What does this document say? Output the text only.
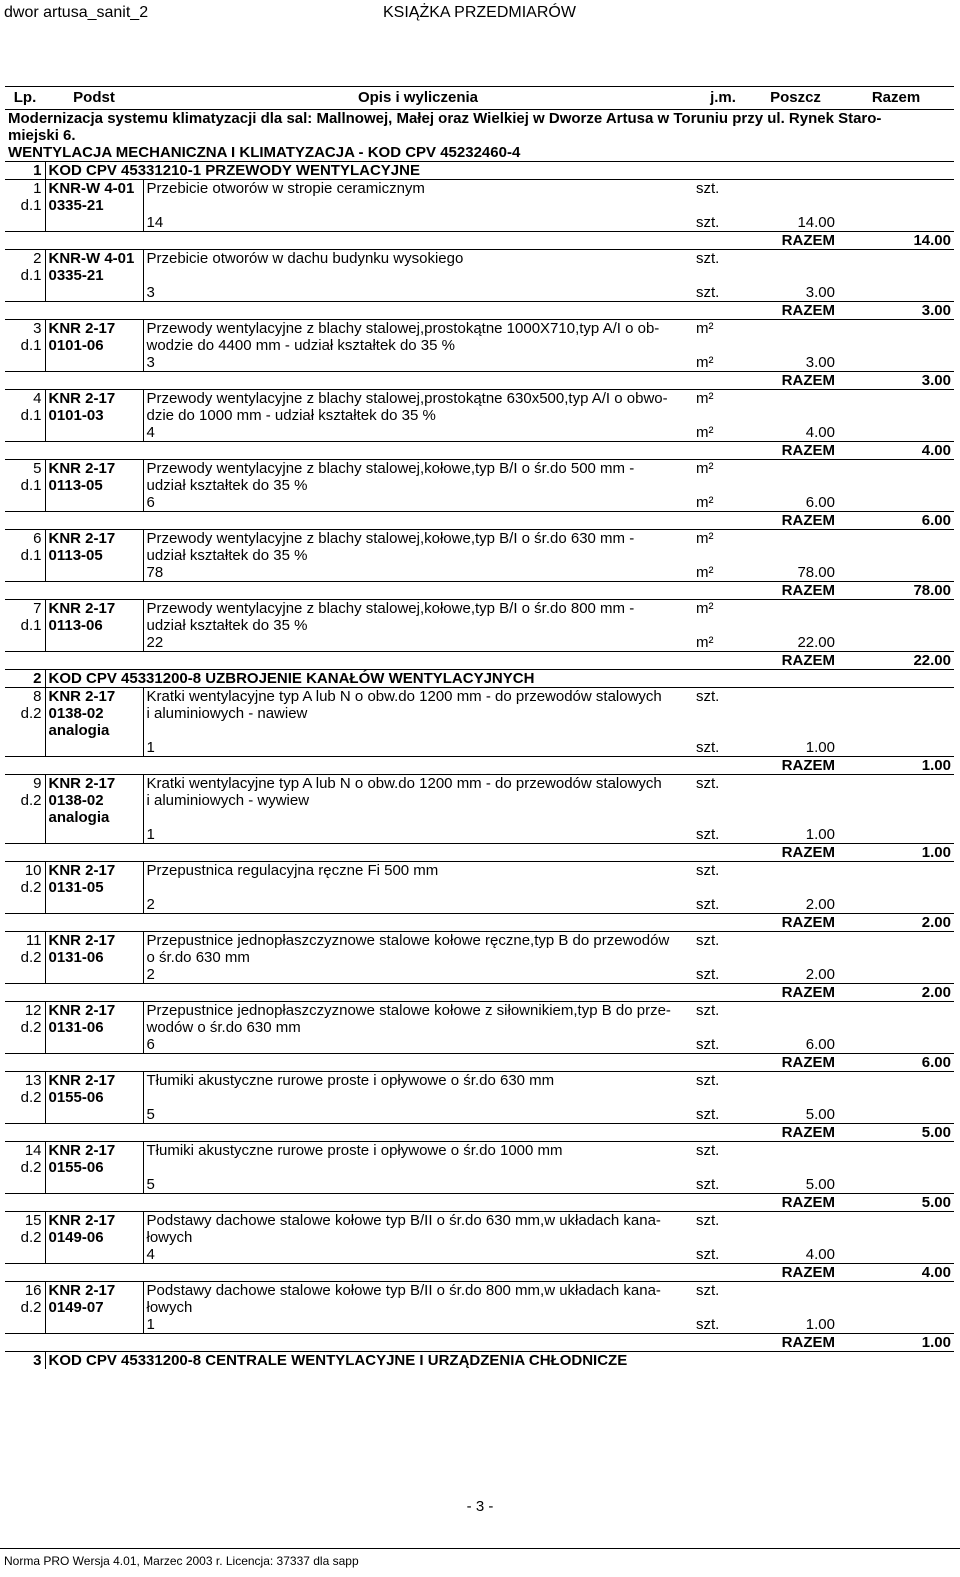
dwor artusa_sanit_2	KSIĄŻKA PRZEDMIARÓW
Lp.	Podst	Opis i wyliczenia	j.m.	Poszcz	Razem
Modernizacja systemu klimatyzacji dla sal: Mallnowej, Małej oraz Wielkiej w Dworze Artusa w Toruniu przy ul. Rynek Staro-					
miejski 6.					
WENTYLACJA MECHANICZNA I KLIMATYZACJA - KOD CPV 45232460-4					
1	KOD CPV 45331210-1 PRZEWODY WENTYLACYJNE				
1	KNR-W 4-01	Przebicie otworów w stropie ceramicznym	szt.		
d.1	0335-21				
		14	szt.	14.00	
			RAZEM		14.00
2	KNR-W 4-01	Przebicie otworów w dachu budynku wysokiego	szt.		
d.1	0335-21				
		3	szt.	3.00	
			RAZEM		3.00
3	KNR 2-17	Przewody wentylacyjne z blachy stalowej,prostokątne 1000X710,typ A/I o ob-	m²		
d.1	0101-06	wodzie do 4400 mm - udział kształtek do 35 %			
		3	m²	3.00	
			RAZEM		3.00
4	KNR 2-17	Przewody wentylacyjne z blachy stalowej,prostokątne 630x500,typ A/I o obwo-	m²		
d.1	0101-03	dzie do 1000 mm - udział kształtek do 35 %			
		4	m²	4.00	
			RAZEM		4.00
5	KNR 2-17	Przewody wentylacyjne z blachy stalowej,kołowe,typ B/I o śr.do 500 mm -	m²		
d.1	0113-05	udział kształtek do 35 %			
		6	m²	6.00	
			RAZEM		6.00
6	KNR 2-17	Przewody wentylacyjne z blachy stalowej,kołowe,typ B/I o śr.do 630 mm -	m²		
d.1	0113-05	udział kształtek do 35 %			
		78	m²	78.00	
			RAZEM		78.00
7	KNR 2-17	Przewody wentylacyjne z blachy stalowej,kołowe,typ B/I o śr.do 800 mm -	m²		
d.1	0113-06	udział kształtek do 35 %			
		22	m²	22.00	
			RAZEM		22.00
2	KOD CPV 45331200-8 UZBROJENIE KANAŁÓW WENTYLACYJNYCH				
8	KNR 2-17	Kratki wentylacyjne typ A lub N o obw.do 1200 mm - do przewodów stalowych	szt.		
d.2	0138-02	i aluminiowych - nawiew			
	analogia				
		1	szt.	1.00	
			RAZEM		1.00
9	KNR 2-17	Kratki wentylacyjne typ A lub N o obw.do 1200 mm - do przewodów stalowych	szt.		
d.2	0138-02	i aluminiowych - wywiew			
	analogia				
		1	szt.	1.00	
			RAZEM		1.00
10	KNR 2-17	Przepustnica regulacyjna ręczne Fi 500 mm	szt.		
d.2	0131-05				
		2	szt.	2.00	
			RAZEM		2.00
11	KNR 2-17	Przepustnice jednopłaszczyznowe stalowe kołowe ręczne,typ B do przewodów	szt.		
d.2	0131-06	o śr.do 630 mm			
		2	szt.	2.00	
			RAZEM		2.00
12	KNR 2-17	Przepustnice jednopłaszczyznowe stalowe kołowe z siłownikiem,typ B do prze-	szt.		
d.2	0131-06	wodów o śr.do 630 mm			
		6	szt.	6.00	
			RAZEM		6.00
13	KNR 2-17	Tłumiki akustyczne rurowe proste i opływowe o śr.do 630 mm	szt.		
d.2	0155-06				
		5	szt.	5.00	
			RAZEM		5.00
14	KNR 2-17	Tłumiki akustyczne rurowe proste i opływowe o śr.do 1000 mm	szt.		
d.2	0155-06				
		5	szt.	5.00	
			RAZEM		5.00
15	KNR 2-17	Podstawy dachowe stalowe kołowe typ B/II o śr.do 630 mm,w układach kana-	szt.		
d.2	0149-06	łowych			
		4	szt.	4.00	
			RAZEM		4.00
16	KNR 2-17	Podstawy dachowe stalowe kołowe typ B/II o śr.do 800 mm,w układach kana-	szt.		
d.2	0149-07	łowych			
		1	szt.	1.00	
			RAZEM		1.00
3	KOD CPV 45331200-8 CENTRALE WENTYLACYJNE I URZĄDZENIA CHŁODNICZE				
- 3 -
Norma PRO Wersja 4.01, Marzec 2003 r. Licencja: 37337 dla sapp
